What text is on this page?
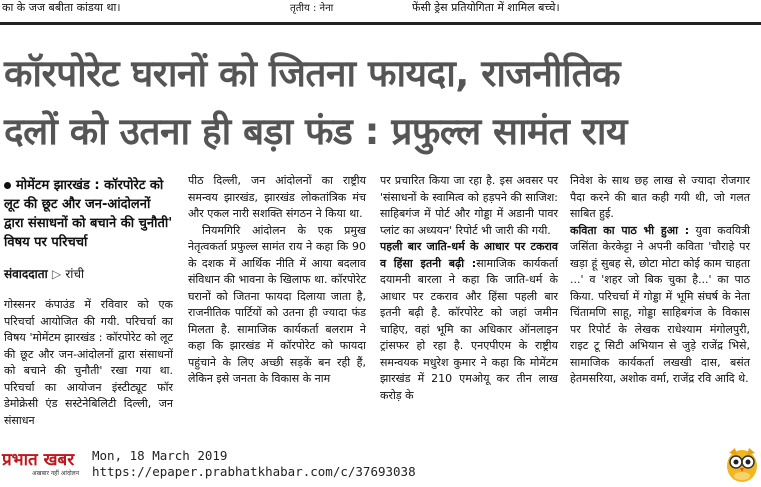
का के जज बबीता कांडया था।	तृतीय : नेना	फेंसी ड्रेस प्रतियोगिता में शामिल बच्चे।
कॉरपोरेट घरानों को जितना फायदा, राजनीतिक
दलों को उतना ही बड़ा फंड : प्रफुल्ल सामंत राय
मोमेंटम झारखंड : कॉरपोरेट को लूट की छूट और जन-आंदोलनों द्वारा संसाधनों को बचाने की चुनौती' विषय पर परिचर्चा
संवाददाता ▷ रांची
गोस्सनर कंपाउंड में रविवार को एक परिचर्चा आयोजित की गयी. परिचर्चा का विषय 'मोमेंटम झारखंड : कॉरपोरेट को लूट की छूट और जन-आंदोलनों द्वारा संसाधनों को बचाने की चुनौती' रखा गया था. परिचर्चा का आयोजन इंस्टीट्यूट फॉर डेमोक्रेसी एंड सस्टेनेबिलिटी दिल्ली, जन संसाधन
पीठ दिल्ली, जन आंदोलनों का राष्ट्रीय समन्वय झारखंड, झारखंड लोकतांत्रिक मंच और एकल नारी सशक्ति संगठन ने किया था.
नियमगिरि आंदोलन के एक प्रमुख नेतृत्वकर्ता प्रफुल्ल सामंत राय ने कहा कि 90 के दशक में आर्थिक नीति में आया बदलाव संविधान की भावना के खिलाफ था. कॉरपोरेट घरानों को जितना फायदा दिलाया जाता है, राजनीतिक पार्टियों को उतना ही ज्यादा फंड मिलता है. सामाजिक कार्यकर्ता बलराम ने कहा कि झारखंड में कॉरपोरेट को फायदा पहुंचाने के लिए अच्छी सड़कें बन रही हैं, लेकिन इसे जनता के विकास के नाम
पर प्रचारित किया जा रहा है. इस अवसर पर 'संसाधनों के स्वामित्व को हड़पने की साजिश: साहिबगंज में पोर्ट और गोड्डा में अडानी पावर प्लांट का अध्ययन' रिपोर्ट भी जारी की गयी.
पहली बार जाति-धर्म के आधार पर टकराव व हिंसा इतनी बढ़ी :सामाजिक कार्यकर्ता दयामनी बारला ने कहा कि जाति-धर्म के आधार पर टकराव और हिंसा पहली बार इतनी बढ़ी है. कॉरपोरेट को जहां जमीन चाहिए, वहां भूमि का अधिकार ऑनलाइन ट्रांसफर हो रहा है. एनएपीएम के राष्ट्रीय समन्वयक मधुरेश कुमार ने कहा कि मोमेंटम झारखंड में 210 एमओयू कर तीन लाख करोड़ के
निवेश के साथ छह लाख से ज्यादा रोजगार पैदा करने की बात कही गयी थी, जो गलत साबित हुई.
कविता का पाठ भी हुआ : युवा कवयित्री जसिंता केरकेट्टा ने अपनी कविता 'चौराहे पर खड़ा हूं सुबह से, छोटा मोटा कोई काम चाहता ...' व 'शहर जो बिक चुका है...' का पाठ किया. परिचर्चा में गोड्डा में भूमि संघर्ष के नेता चिंतामणि साहू, गोड्डा साहिबगंज के विकास पर रिपोर्ट के लेखक राधेश्याम मंगोलपुरी, राइट टू सिटी अभियान से जुड़े राजेंद्र भिसे, सामाजिक कार्यकर्ता लखखी दास, बसंत हेतमसरिया, अशोक वर्मा, राजेंद्र रवि आदि थे.
प्रभात खबर
अखबार नहीं आंदोलन
Mon, 18 March 2019
https://epaper.prabhatkhabar.com/c/37693038
